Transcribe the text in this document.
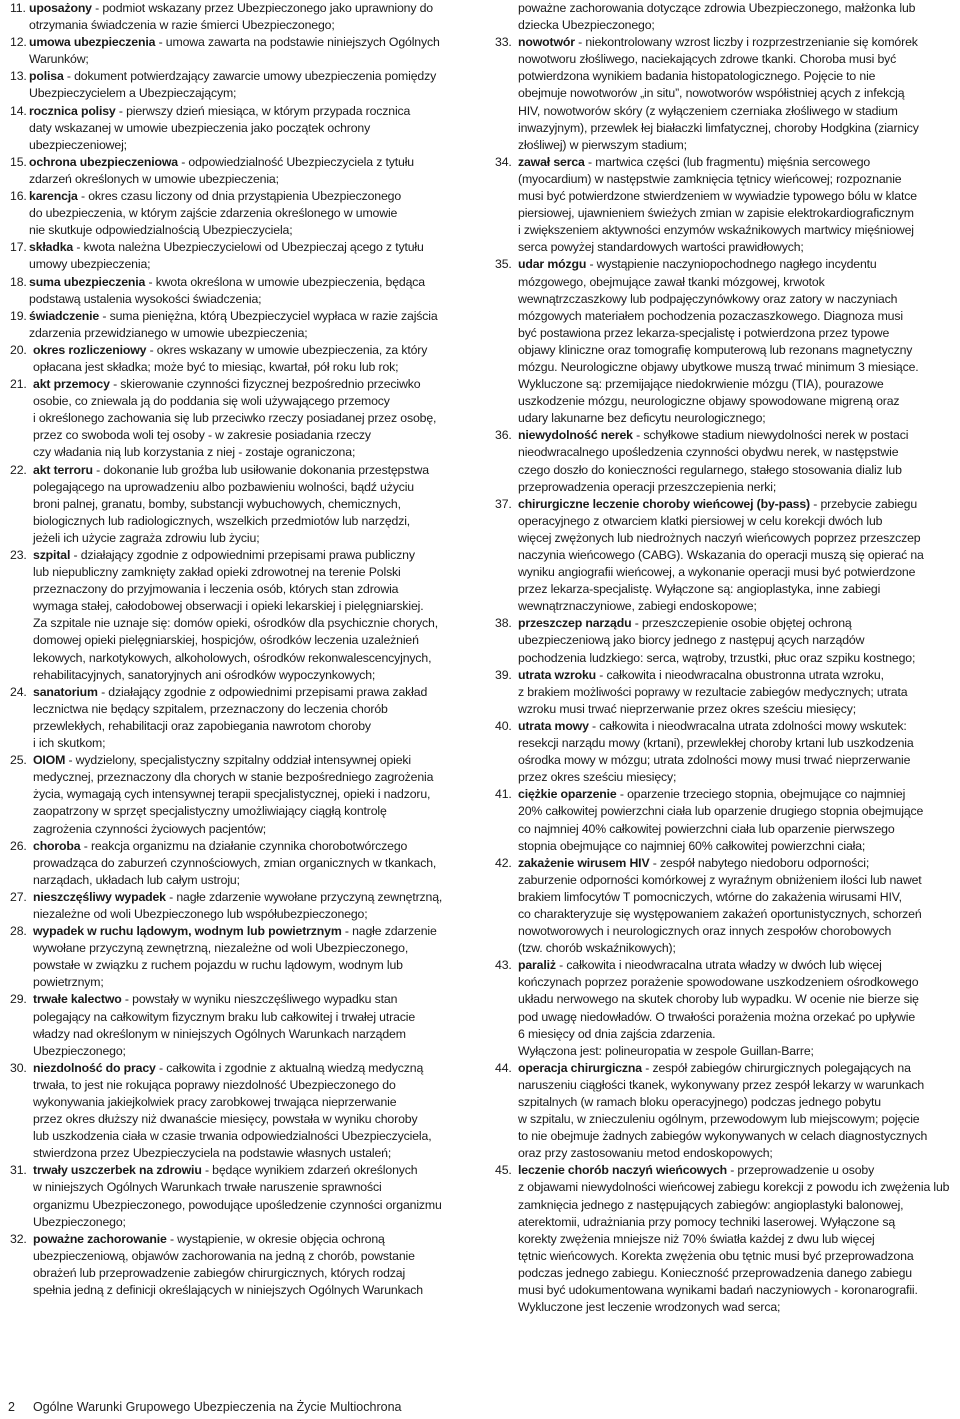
11. uposażony - podmiot wskazany przez Ubezpieczonego jako uprawniony do
otrzymania świadczenia w razie śmierci Ubezpieczonego;
12. umowa ubezpieczenia - umowa zawarta na podstawie niniejszych Ogólnych
Warunków;
13. polisa - dokument potwierdzający zawarcie umowy ubezpieczenia pomiędzy
Ubezpieczycielem a Ubezpieczającym;
14. rocznica polisy - pierwszy dzień miesiąca, w którym przypada rocznica
daty wskazanej w umowie ubezpieczenia jako początek ochrony
ubezpieczeniowej;
15. ochrona ubezpieczeniowa - odpowiedzialność Ubezpieczyciela z tytułu
zdarzeń określonych w umowie ubezpieczenia;
16. karencja - okres czasu liczony od dnia przystąpienia Ubezpieczonego
do ubezpieczenia, w którym zajście zdarzenia określonego w umowie
nie skutkuje odpowiedzialnością Ubezpieczyciela;
17. składka - kwota należna Ubezpieczycielowi od Ubezpieczaj ącego z tytułu
umowy ubezpieczenia;
18. suma ubezpieczenia - kwota określona w umowie ubezpieczenia, będąca
podstawą ustalenia wysokości świadczenia;
19. świadczenie - suma pieniężna, którą Ubezpieczyciel wypłaca w razie zajścia
zdarzenia przewidzianego w umowie ubezpieczenia;
20. okres rozliczeniowy - okres wskazany w umowie ubezpieczenia, za który
opłacana jest składka; może być to miesiąc, kwartał, pół roku lub rok;
21. akt przemocy - skierowanie czynności fizycznej bezpośrednio przeciwko
osobie, co zniewala ją do poddania się woli używającego przemocy
i określonego zachowania się lub przeciwko rzeczy posiadanej przez osobę,
przez co swoboda woli tej osoby - w zakresie posiadania rzeczy
czy władania nią lub korzystania z niej - zostaje ograniczona;
22. akt terroru - dokonanie lub groźba lub usiłowanie dokonania przestępstwa
polegającego na uprowadzeniu albo pozbawieniu wolności, bądź użyciu
broni palnej, granatu, bomby, substancji wybuchowych, chemicznych,
biologicznych lub radiologicznych, wszelkich przedmiotów lub narzędzi,
jeżeli ich użycie zagraża zdrowiu lub życiu;
23. szpital - działający zgodnie z odpowiednimi przepisami prawa publiczny
lub niepubliczny zamknięty zakład opieki zdrowotnej na terenie Polski
przeznaczony do przyjmowania i leczenia osób, których stan zdrowia
wymaga stałej, całodobowej obserwacji i opieki lekarskiej i pielęgniarskiej.
Za szpitale nie uznaje się: domów opieki, ośrodków dla psychicznie chorych,
domowej opieki pielęgniarskiej, hospicjów, ośrodków leczenia uzależnień
lekowych, narkotykowych, alkoholowych, ośrodków rekonwalescencyjnych,
rehabilitacyjnych, sanatoryjnych ani ośrodków wypoczynkowych;
24. sanatorium - działający zgodnie z odpowiednimi przepisami prawa zakład
lecznictwa nie będący szpitalem, przeznaczony do leczenia chorób
przewlekłych, rehabilitacji oraz zapobiegania nawrotom choroby
i ich skutkom;
25. OIOM - wydzielony, specjalistyczny szpitalny oddział intensywnej opieki
medycznej, przeznaczony dla chorych w stanie bezpośredniego zagrożenia
życia, wymagają cych intensywnej terapii specjalistycznej, opieki i nadzoru,
zaopatrzony w sprzęt specjalistyczny umożliwiający ciągłą kontrolę
zagrożenia czynności życiowych pacjentów;
26. choroba - reakcja organizmu na działanie czynnika chorobotwórczego
prowadząca do zaburzeń czynnościowych, zmian organicznych w tkankach,
narządach, układach lub całym ustroju;
27. nieszczęśliwy wypadek - nagłe zdarzenie wywołane przyczyną zewnętrzną,
niezależne od woli Ubezpieczonego lub współubezpieczonego;
28. wypadek w ruchu lądowym, wodnym lub powietrznym - nagłe zdarzenie
wywołane przyczyną zewnętrzną, niezależne od woli Ubezpieczonego,
powstałe w związku z ruchem pojazdu w ruchu lądowym, wodnym lub
powietrznym;
29. trwałe kalectwo - powstały w wyniku nieszczęśliwego wypadku stan
polegający na całkowitym fizycznym braku lub całkowitej i trwałej utracie
władzy nad określonym w niniejszych Ogólnych Warunkach narządem
Ubezpieczonego;
30. niezdolność do pracy - całkowita i zgodnie z aktualną wiedzą medyczną
trwała, to jest nie rokująca poprawy niezdolność Ubezpieczonego do
wykonywania jakiejkolwiek pracy zarobkowej trwająca nieprzerwanie
przez okres dłuższy niż dwanaście miesięcy, powstała w wyniku choroby
lub uszkodzenia ciała w czasie trwania odpowiedzialności Ubezpieczyciela,
stwierdzona przez Ubezpieczyciela na podstawie własnych ustaleń;
31. trwały uszczerbek na zdrowiu - będące wynikiem zdarzeń określonych
w niniejszych Ogólnych Warunkach trwałe naruszenie sprawności
organizmu Ubezpieczonego, powodujące upośledzenie czynności organizmu
Ubezpieczonego;
32. poważne zachorowanie - wystąpienie, w okresie objęcia ochroną
ubezpieczeniową, objawów zachorowania na jedną z chorób, powstanie
obrażeń lub przeprowadzenie zabiegów chirurgicznych, których rodzaj
spełnia jedną z definicji określających w niniejszych Ogólnych Warunkach
poważne zachorowania dotyczące zdrowia Ubezpieczonego, małżonka lub
dziecka Ubezpieczonego;
33. nowotwór - niekontrolowany wzrost liczby i rozprzestrzenianie się komórek
nowotworu złośliwego, naciekających zdrowe tkanki. Choroba musi być
potwierdzona wynikiem badania histopatologicznego. Pojęcie to nie
obejmuje nowotworów „in situ”, nowotworów współistniej ących z infekcją
HIV, nowotworów skóry (z wyłączeniem czerniaka złośliwego w stadium
inwazyjnym), przewlek łej białaczki limfatycznej, choroby Hodgkina (ziarnicy
złośliwej) w pierwszym stadium;
34. zawał serca - martwica części (lub fragmentu) mięśnia sercowego
(myocardium) w następstwie zamknięcia tętnicy wieńcowej; rozpoznanie
musi być potwierdzone stwierdzeniem w wywiadzie typowego bólu w klatce
piersiowej, ujawnieniem świeżych zmian w zapisie elektrokardiograficznym
i zwiększeniem aktywności enzymów wskaźnikowych martwicy mięśniowej
serca powyżej standardowych wartości prawidłowych;
35. udar mózgu - wystąpienie naczyniopochodnego nagłego incydentu
mózgowego, obejmujące zawał tkanki mózgowej, krwotok
wewnątrzczaszkowy lub podpajęczynówkowy oraz zatory w naczyniach
mózgowych materiałem pochodzenia pozaczaszkowego. Diagnoza musi
być postawiona przez lekarza-specjalistę i potwierdzona przez typowe
objawy kliniczne oraz tomografię komputerową lub rezonans magnetyczny
mózgu. Neurologiczne objawy ubytkowe muszą trwać minimum 3 miesiące.
Wykluczone są: przemijające niedokrwienie mózgu (TIA), pourazowe
uszkodzenie mózgu, neurologiczne objawy spowodowane migreną oraz
udary lakunarne bez deficytu neurologicznego;
36. niewydolność nerek - schyłkowe stadium niewydolności nerek w postaci
nieodwracalnego upośledzenia czynności obydwu nerek, w następstwie
czego doszło do konieczności regularnego, stałego stosowania dializ lub
przeprowadzenia operacji przeszczepienia nerki;
37. chirurgiczne leczenie choroby wieńcowej (by-pass) - przebycie zabiegu
operacyjnego z otwarciem klatki piersiowej w celu korekcji dwóch lub
więcej zwężonych lub niedrożnych naczyń wieńcowych poprzez przeszczep
naczynia wieńcowego (CABG). Wskazania do operacji muszą się opierać na
wyniku angiografii wieńcowej, a wykonanie operacji musi być potwierdzone
przez lekarza-specjalistę. Wyłączone są: angioplastyka, inne zabiegi
wewnątrznaczyniowe, zabiegi endoskopowe;
38. przeszczep narządu - przeszczepienie osobie objętej ochroną
ubezpieczeniową jako biorcy jednego z następuj ących narządów
pochodzenia ludzkiego: serca, wątroby, trzustki, płuc oraz szpiku kostnego;
39. utrata wzroku - całkowita i nieodwracalna obustronna utrata wzroku,
z brakiem możliwości poprawy w rezultacie zabiegów medycznych; utrata
wzroku musi trwać nieprzerwanie przez okres sześciu miesięcy;
40. utrata mowy - całkowita i nieodwracalna utrata zdolności mowy wskutek:
resekcji narządu mowy (krtani), przewlekłej choroby krtani lub uszkodzenia
ośrodka mowy w mózgu; utrata zdolności mowy musi trwać nieprzerwanie
przez okres sześciu miesięcy;
41. ciężkie oparzenie - oparzenie trzeciego stopnia, obejmujące co najmniej
20% całkowitej powierzchni ciała lub oparzenie drugiego stopnia obejmujące
co najmniej 40% całkowitej powierzchni ciała lub oparzenie pierwszego
stopnia obejmujące co najmniej 60% całkowitej powierzchni ciała;
42. zakażenie wirusem HIV - zespół nabytego niedoboru odporności;
zaburzenie odporności komórkowej z wyraźnym obniżeniem ilości lub nawet
brakiem limfocytów T pomocniczych, wtórne do zakażenia wirusami HIV,
co charakteryzuje się występowaniem zakażeń oportunistycznych, schorzeń
nowotworowych i neurologicznych oraz innych zespołów chorobowych
(tzw. chorób wskaźnikowych);
43. paraliż - całkowita i nieodwracalna utrata władzy w dwóch lub więcej
kończynach poprzez porażenie spowodowane uszkodzeniem ośrodkowego
układu nerwowego na skutek choroby lub wypadku. W ocenie nie bierze się
pod uwagę niedowładów. O trwałości porażenia można orzekać po upływie
6 miesięcy od dnia zajścia zdarzenia.
Wyłączona jest: polineuropatia w zespole Guillan-Barre;
44. operacja chirurgiczna - zespół zabiegów chirurgicznych polegających na
naruszeniu ciągłości tkanek, wykonywany przez zespół lekarzy w warunkach
szpitalnych (w ramach bloku operacyjnego) podczas jednego pobytu
w szpitalu, w znieczuleniu ogólnym, przewodowym lub miejscowym; pojęcie
to nie obejmuje żadnych zabiegów wykonywanych w celach diagnostycznych
oraz przy zastosowaniu metod endoskopowych;
45. leczenie chorób naczyń wieńcowych - przeprowadzenie u osoby
z objawami niewydolności wieńcowej zabiegu korekcji z powodu ich zwężenia lub
zamknięcia jednego z następujących zabiegów: angioplastyki balonowej,
aterektomii, udrażniania przy pomocy techniki laserowej. Wyłączone są
korekty zwężenia mniejsze niż 70% światła każdej z dwu lub więcej
tętnic wieńcowych. Korekta zwężenia obu tętnic musi być przeprowadzona
podczas jednego zabiegu. Konieczność przeprowadzenia danego zabiegu
musi być udokumentowana wynikami badań naczyniowych - koronarografii.
Wykluczone jest leczenie wrodzonych wad serca;
2 Ogólne Warunki Grupowego Ubezpieczenia na Życie Multiochrona
